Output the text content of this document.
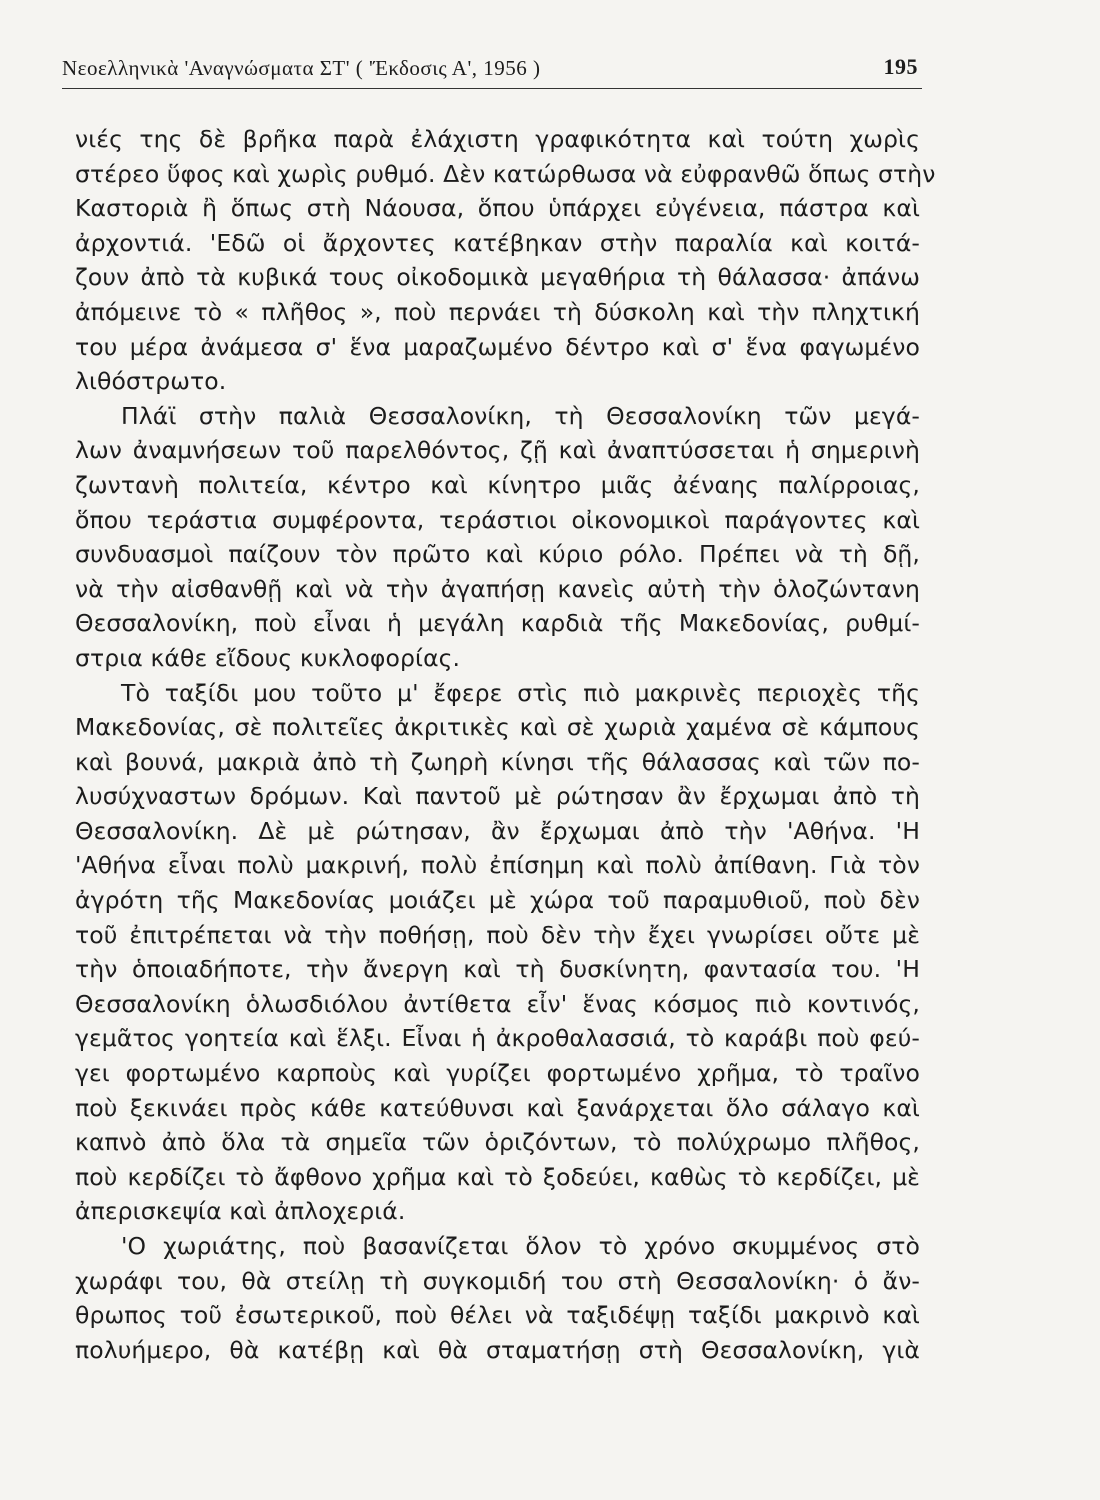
Νεοελληνικὰ 'Αναγνώσματα ΣΤ' ( 'Έκδοσις Α', 1956 )	195
νιές της δὲ βρῆκα παρὰ ἐλάχιστη γραφικότητα καὶ τούτη χωρὶς
στέρεο ὕφος καὶ χωρὶς ρυθμό. Δὲν κατώρθωσα νὰ εὐφρανθῶ ὅπως στὴν
Καστοριὰ ἢ ὅπως στὴ Νάουσα, ὅπου ὑπάρχει εὐγένεια, πάστρα καὶ
ἀρχοντιά. 'Εδῶ οἱ ἄρχοντες κατέβηκαν στὴν παραλία καὶ κοιτά-
ζουν ἀπὸ τὰ κυβικά τους οἰκοδομικὰ μεγαθήρια τὴ θάλασσα· ἀπάνω
ἀπόμεινε τὸ « πλῆθος », ποὺ περνάει τὴ δύσκολη καὶ τὴν πληχτική
του μέρα ἀνάμεσα σ' ἕνα μαραζωμένο δέντρο καὶ σ' ἕνα φαγωμένο
λιθόστρωτο.
Πλάϊ στὴν παλιὰ Θεσσαλονίκη, τὴ Θεσσαλονίκη τῶν μεγά-
λων ἀναμνήσεων τοῦ παρελθόντος, ζῇ καὶ ἀναπτύσσεται ἡ σημερινὴ
ζωντανὴ πολιτεία, κέντρο καὶ κίνητρο μιᾶς ἀέναης παλίρροιας,
ὅπου τεράστια συμφέροντα, τεράστιοι οἰκονομικοὶ παράγοντες καὶ
συνδυασμοὶ παίζουν τὸν πρῶτο καὶ κύριο ρόλο. Πρέπει νὰ τὴ δῇ,
νὰ τὴν αἰσθανθῇ καὶ νὰ τὴν ἀγαπήσῃ κανεὶς αὐτὴ τὴν ὁλοζώντανη
Θεσσαλονίκη, ποὺ εἶναι ἡ μεγάλη καρδιὰ τῆς Μακεδονίας, ρυθμί-
στρια κάθε εἴδους κυκλοφορίας.
Τὸ ταξίδι μου τοῦτο μ' ἔφερε στὶς πιὸ μακρινὲς περιοχὲς τῆς
Μακεδονίας, σὲ πολιτεῖες ἀκριτικὲς καὶ σὲ χωριὰ χαμένα σὲ κάμπους
καὶ βουνά, μακριὰ ἀπὸ τὴ ζωηρὴ κίνησι τῆς θάλασσας καὶ τῶν πο-
λυσύχναστων δρόμων. Καὶ παντοῦ μὲ ρώτησαν ἂν ἔρχωμαι ἀπὸ τὴ
Θεσσαλονίκη. Δὲ μὲ ρώτησαν, ἂν ἔρχωμαι ἀπὸ τὴν 'Αθήνα. 'Η
'Αθήνα εἶναι πολὺ μακρινή, πολὺ ἐπίσημη καὶ πολὺ ἀπίθανη. Γιὰ τὸν
ἀγρότη τῆς Μακεδονίας μοιάζει μὲ χώρα τοῦ παραμυθιοῦ, ποὺ δὲν
τοῦ ἐπιτρέπεται νὰ τὴν ποθήσῃ, ποὺ δὲν τὴν ἔχει γνωρίσει οὔτε μὲ
τὴν ὁποιαδήποτε, τὴν ἄνεργη καὶ τὴ δυσκίνητη, φαντασία του. 'Η
Θεσσαλονίκη ὁλωσδιόλου ἀντίθετα εἶν' ἕνας κόσμος πιὸ κοντινός,
γεμᾶτος γοητεία καὶ ἕλξι. Εἶναι ἡ ἀκροθαλασσιά, τὸ καράβι ποὺ φεύ-
γει φορτωμένο καρποὺς καὶ γυρίζει φορτωμένο χρῆμα, τὸ τραῖνο
ποὺ ξεκινάει πρὸς κάθε κατεύθυνσι καὶ ξανάρχεται ὅλο σάλαγο καὶ
καπνὸ ἀπὸ ὅλα τὰ σημεῖα τῶν ὁριζόντων, τὸ πολύχρωμο πλῆθος,
ποὺ κερδίζει τὸ ἄφθονο χρῆμα καὶ τὸ ξοδεύει, καθὼς τὸ κερδίζει, μὲ
ἀπερισκεψία καὶ ἀπλοχεριά.
'Ο χωριάτης, ποὺ βασανίζεται ὅλον τὸ χρόνο σκυμμένος στὸ
χωράφι του, θὰ στείλῃ τὴ συγκομιδή του στὴ Θεσσαλονίκη· ὁ ἄν-
θρωπος τοῦ ἐσωτερικοῦ, ποὺ θέλει νὰ ταξιδέψῃ ταξίδι μακρινὸ καὶ
πολυήμερο, θὰ κατέβῃ καὶ θὰ σταματήσῃ στὴ Θεσσαλονίκη, γιὰ
